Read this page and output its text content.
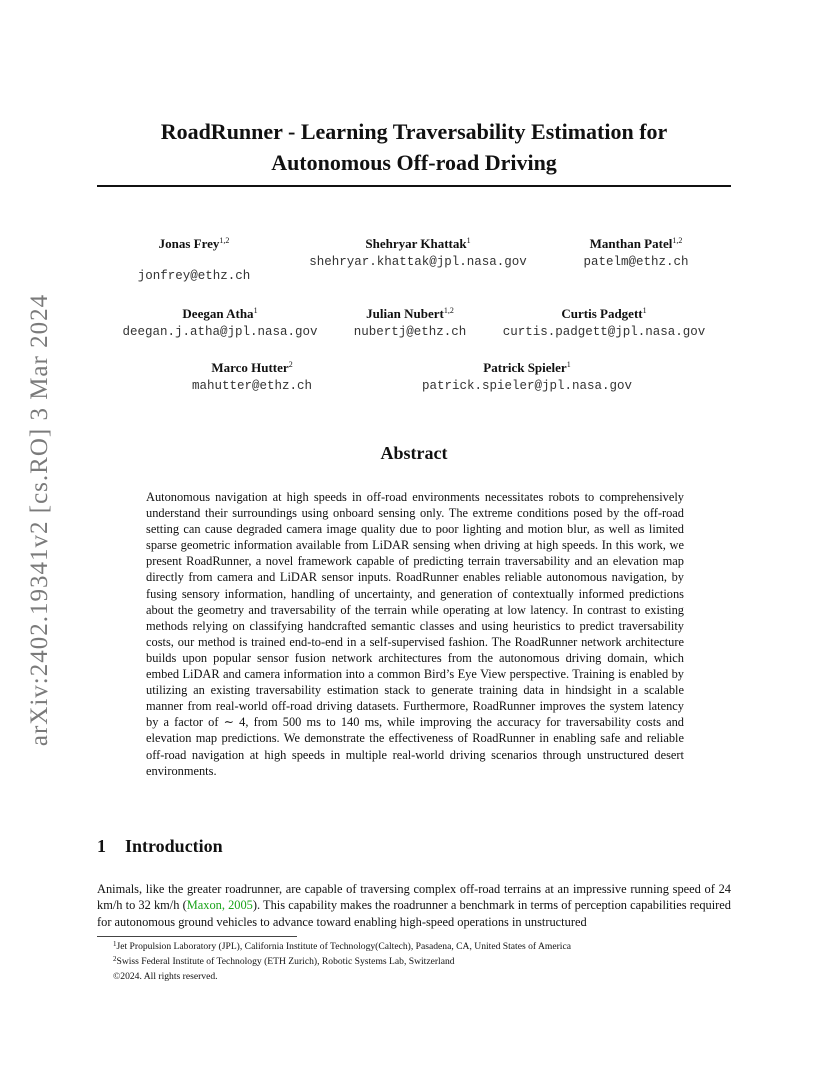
arXiv:2402.19341v2 [cs.RO] 3 Mar 2024
RoadRunner - Learning Traversability Estimation for
Autonomous Off-road Driving
Jonas Frey$^{1,2}$
jonfrey@ethz.ch
Shehryar Khattak$^1$
shehryar.khattak@jpl.nasa.gov
Manthan Patel$^{1,2}$
patelm@ethz.ch
Deegan Atha$^1$
deegan.j.atha@jpl.nasa.gov
Julian Nubert$^{1,2}$
nubertj@ethz.ch
Curtis Padgett$^1$
curtis.padgett@jpl.nasa.gov
Marco Hutter$^2$
mahutter@ethz.ch
Patrick Spieler$^1$
patrick.spieler@jpl.nasa.gov
Abstract

Autonomous navigation at high speeds in off-road environments necessitates robots to comprehensively understand their surroundings using onboard sensing only. The extreme conditions posed by the off-road setting can cause degraded camera image quality due to poor lighting and motion blur, as well as limited sparse geometric information available from LiDAR sensing when driving at high speeds. In this work, we present RoadRunner, a novel framework capable of predicting terrain traversability and an elevation map directly from camera and LiDAR sensor inputs. RoadRunner enables reliable autonomous navigation, by fusing sensory information, handling of uncertainty, and generation of contextually informed predictions about the geometry and traversability of the terrain while operating at low latency. In contrast to existing methods relying on classifying handcrafted semantic classes and using heuristics to predict traversability costs, our method is trained end-to-end in a self-supervised fashion. The RoadRunner network architecture builds upon popular sensor fusion network architectures from the autonomous driving domain, which embed LiDAR and camera information into a common Bird’s Eye View perspective. Training is enabled by utilizing an existing traversability estimation stack to generate training data in hindsight in a scalable manner from real-world off-road driving datasets. Furthermore, RoadRunner improves the system latency by a factor of ∼ 4, from 500 ms to 140 ms, while improving the accuracy for traversability costs and elevation map predictions. We demonstrate the effectiveness of RoadRunner in enabling safe and reliable off-road navigation at high speeds in multiple real-world driving scenarios through unstructured desert environments.

1 Introduction

Animals, like the greater roadrunner, are capable of traversing complex off-road terrains at an impressive running speed of 24 km/h to 32 km/h (Maxon, 2005). This capability makes the roadrunner a benchmark in terms of perception capabilities required for autonomous ground vehicles to advance toward enabling high-speed operations in unstructured

$^1$Jet Propulsion Laboratory (JPL), California Institute of Technology(Caltech), Pasadena, CA, United States of America
$^2$Swiss Federal Institute of Technology (ETH Zurich), Robotic Systems Lab, Switzerland
©2024. All rights reserved.
